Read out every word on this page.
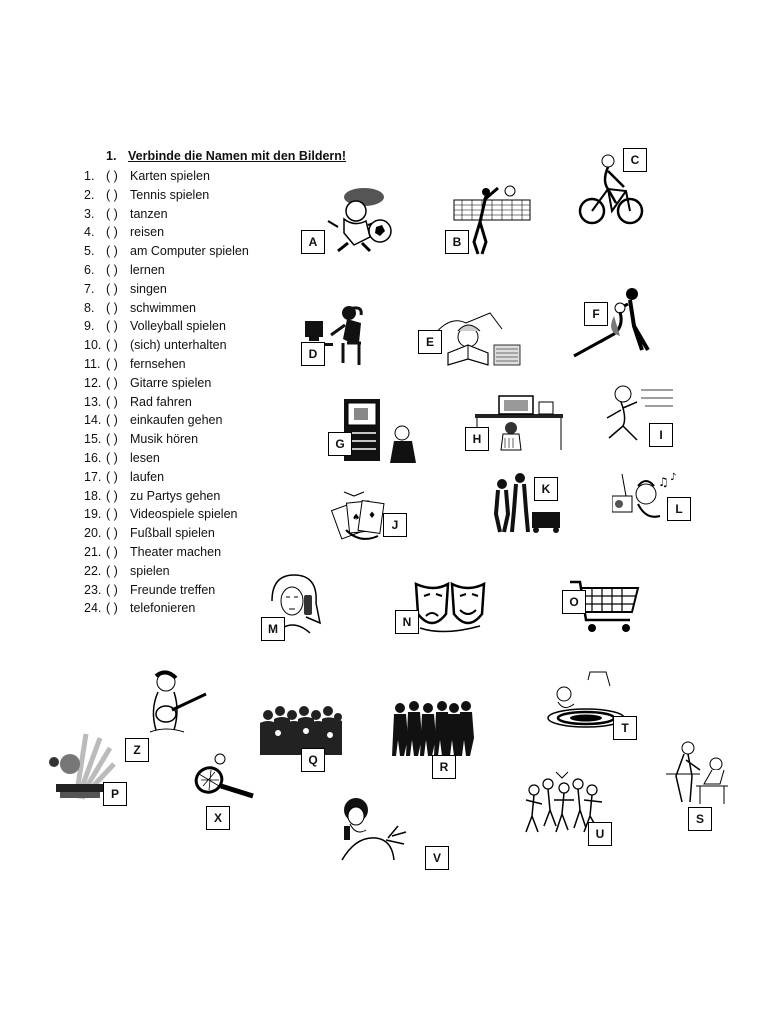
1. Verbinde die Namen mit den Bildern!
1. ( ) Karten spielen
2. ( ) Tennis spielen
3. ( ) tanzen
4. ( ) reisen
5. ( ) am Computer spielen
6. ( ) lernen
7. ( ) singen
8. ( ) schwimmen
9. ( ) Volleyball spielen
10. ( ) (sich) unterhalten
11. ( ) fernsehen
12. ( ) Gitarre spielen
13. ( ) Rad fahren
14. ( ) einkaufen gehen
15. ( ) Musik hören
16. ( ) lesen
17. ( ) laufen
18. ( ) zu Partys gehen
19. ( ) Videospiele spielen
20. ( ) Fußball spielen
21. ( ) Theater machen
22. ( ) spielen
23. ( ) Freunde treffen
24. ( ) telefonieren
♠ ♦
♫ ♪
A	B
C
D
E
F
G	H	I
J
K
L
M	N
O
P
Q	R
S
T
U
V
X
Z
